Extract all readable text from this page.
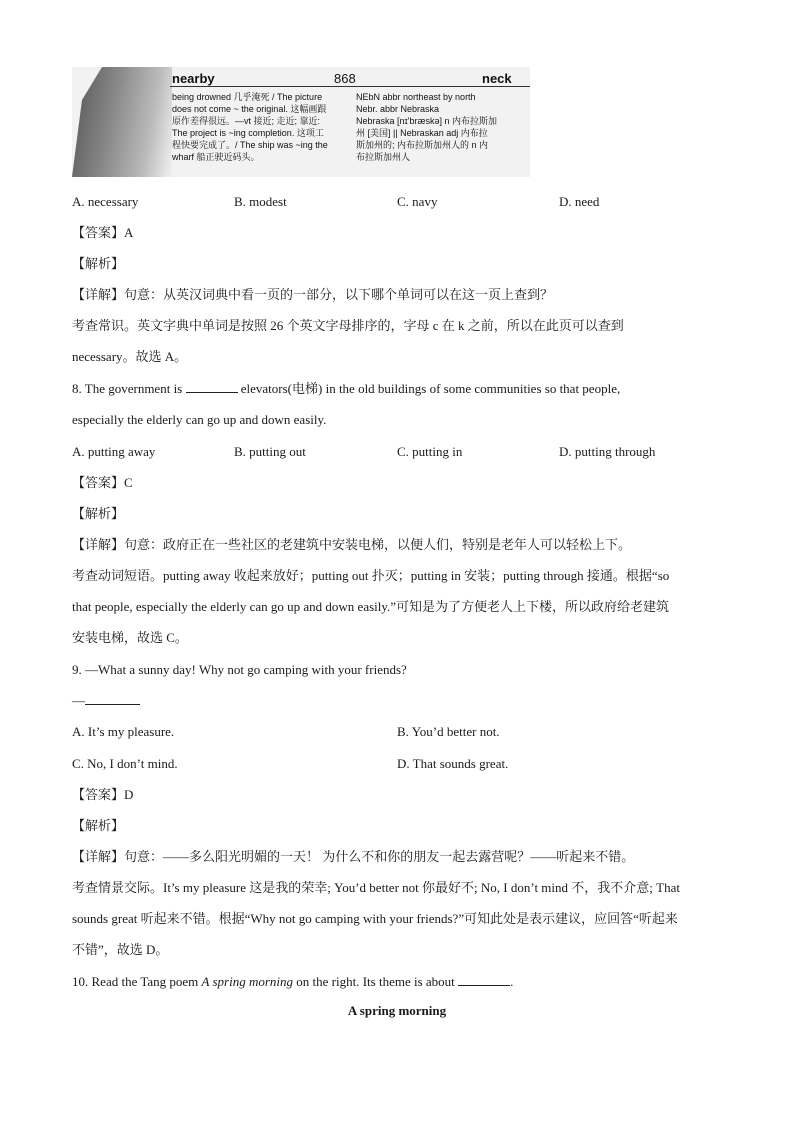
nearby	868	neck
being drowned 几乎淹死 / The picture
does not come ~ the original. 这幅画跟
原作差得很远。—vt 接近; 走近; 靠近:
The project is ~ing completion. 这项工
程快要完成了。/ The ship was ~ing the
wharf 船正驶近码头。
NEbN abbr northeast by north
Nebr. abbr Nebraska
Nebraska [nɪ'bræskə] n 内布拉斯加
州 [美国] || Nebraskan adj 内布拉
斯加州的; 内布拉斯加州人的 n 内
布拉斯加州人
A. necessary	B. modest	C. navy	D. need
【答案】A
【解析】
【详解】句意：从英汉词典中看一页的一部分，以下哪个单词可以在这一页上查到？
考查常识。英文字典中单词是按照 26 个英文字母排序的，字母 c 在 k 之前，所以在此页可以查到
necessary。故选 A。
8. The government is	elevators(电梯) in the old buildings of some communities so that people,
especially the elderly can go up and down easily.
A. putting away	B. putting out	C. putting in	D. putting through
【答案】C
【解析】
【详解】句意：政府正在一些社区的老建筑中安装电梯，以便人们，特别是老年人可以轻松上下。
考查动词短语。putting away 收起来放好；putting out 扑灭；putting in 安装；putting through 接通。根据“so
that people, especially the elderly can go up and down easily.”可知是为了方便老人上下楼，所以政府给老建筑
安装电梯，故选 C。
9. —What a sunny day! Why not go camping with your friends?
—
A. It’s my pleasure.	B. You’d better not.
C. No, I don’t mind.	D. That sounds great.
【答案】D
【解析】
【详解】句意：——多么阳光明媚的一天！ 为什么不和你的朋友一起去露营呢？——听起来不错。
考查情景交际。It’s my pleasure 这是我的荣幸; You’d better not 你最好不; No, I don’t mind 不，我不介意; That
sounds great 听起来不错。根据“Why not go camping with your friends?”可知此处是表示建议，应回答“听起来
不错”，故选 D。
10. Read the Tang poem A spring morning on the right. Its theme is about	.
A spring morning
